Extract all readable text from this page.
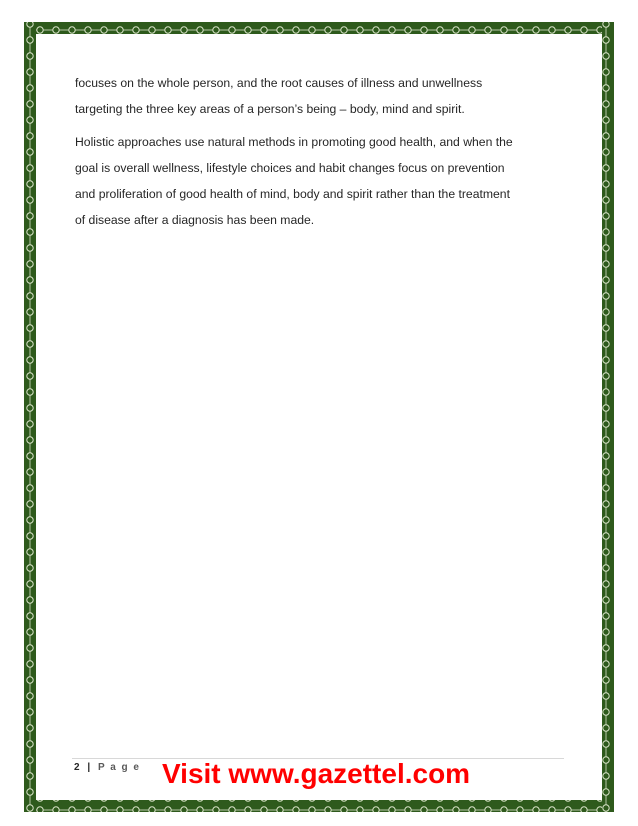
focuses on the whole person, and the root causes of illness and unwellness
targeting the three key areas of a person’s being – body, mind and spirit.

Holistic approaches use natural methods in promoting good health, and when the
goal is overall wellness, lifestyle choices and habit changes focus on prevention
and proliferation of good health of mind, body and spirit rather than the treatment
of disease after a diagnosis has been made.

2 | P a g e Visit www.gazettel.com
